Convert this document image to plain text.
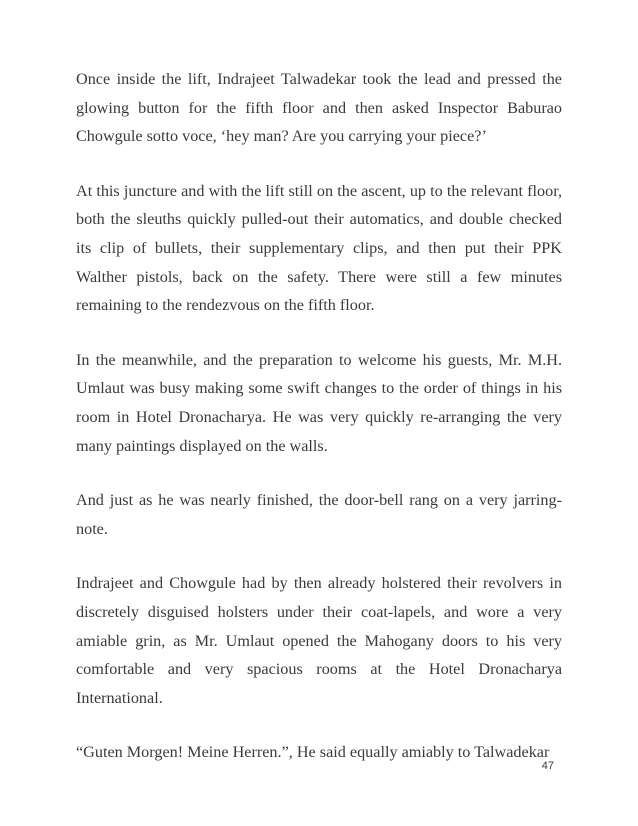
Once inside the lift, Indrajeet Talwadekar took the lead and pressed the glowing button for the fifth floor and then asked Inspector Baburao Chowgule sotto voce, ‘hey man? Are you carrying your piece?’

At this juncture and with the lift still on the ascent, up to the relevant floor, both the sleuths quickly pulled-out their automatics, and double checked its clip of bullets, their supplementary clips, and then put their PPK Walther pistols, back on the safety. There were still a few minutes remaining to the rendezvous on the fifth floor.

In the meanwhile, and the preparation to welcome his guests, Mr. M.H. Umlaut was busy making some swift changes to the order of things in his room in Hotel Dronacharya. He was very quickly re-arranging the very many paintings displayed on the walls.

And just as he was nearly finished, the door-bell rang on a very jarring-note.

Indrajeet and Chowgule had by then already holstered their revolvers in discretely disguised holsters under their coat-lapels, and wore a very amiable grin, as Mr. Umlaut opened the Mahogany doors to his very comfortable and very spacious rooms at the Hotel Dronacharya International.

“Guten Morgen! Meine Herren.”, He said equally amiably to Talwadekar

47
